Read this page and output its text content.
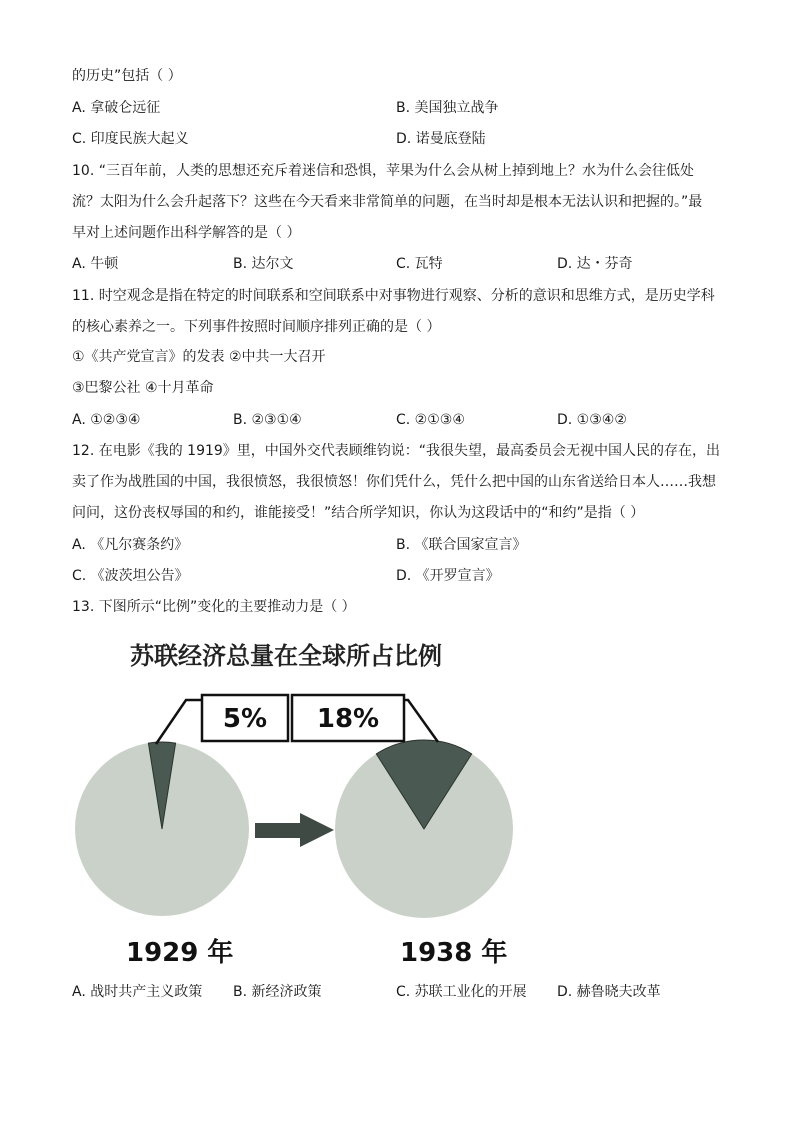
的历史”包括（ ）
A. 拿破仑远征	B. 美国独立战争
C. 印度民族大起义	D. 诺曼底登陆
10. “三百年前，人类的思想还充斥着迷信和恐惧，苹果为什么会从树上掉到地上？水为什么会往低处
流？太阳为什么会升起落下？这些在今天看来非常简单的问题，在当时却是根本无法认识和把握的。”最
早对上述问题作出科学解答的是（ ）
A. 牛顿	B. 达尔文	C. 瓦特	D. 达・芬奇
11. 时空观念是指在特定的时间联系和空间联系中对事物进行观察、分析的意识和思维方式，是历史学科
的核心素养之一。下列事件按照时间顺序排列正确的是（ ）
①《共产党宣言》的发表 ②中共一大召开
③巴黎公社 ④十月革命
A. ①②③④	B. ②③①④	C. ②①③④	D. ①③④②
12. 在电影《我的 1919》里，中国外交代表顾维钧说：“我很失望，最高委员会无视中国人民的存在，出
卖了作为战胜国的中国，我很愤怒，我很愤怒！你们凭什么，凭什么把中国的山东省送给日本人……我想
问问，这份丧权辱国的和约，谁能接受！”结合所学知识，你认为这段话中的“和约”是指（ ）
A. 《凡尔赛条约》	B. 《联合国家宣言》
C. 《波茨坦公告》	D. 《开罗宣言》
13. 下图所示“比例”变化的主要推动力是（ ）
苏联经济总量在全球所占比例
5%	18%
1929 年	1938 年
A. 战时共产主义政策 B. 新经济政策	C. 苏联工业化的开展 D. 赫鲁晓夫改革
